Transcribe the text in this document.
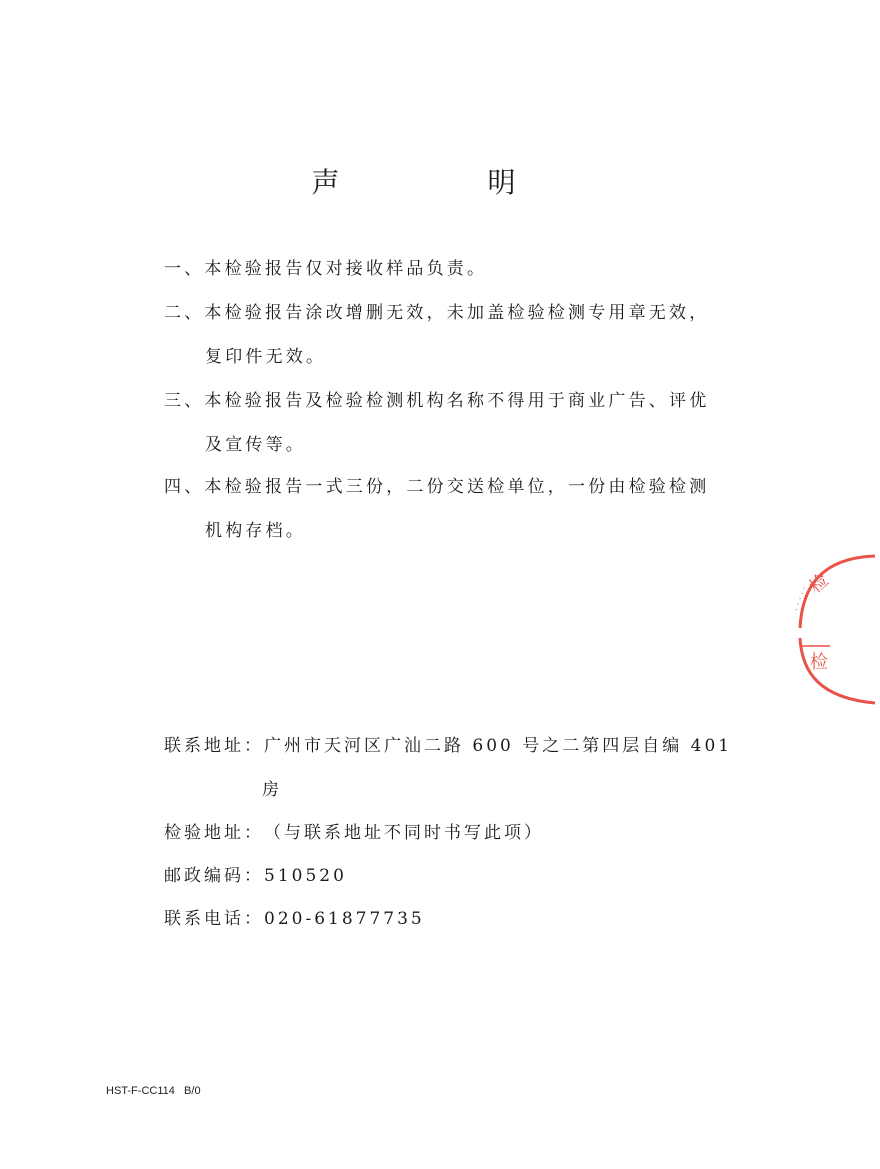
声　明
一、本检验报告仅对接收样品负责。
二、本检验报告涂改增删无效，未加盖检验检测专用章无效，
复印件无效。
三、本检验报告及检验检测机构名称不得用于商业广告、评优
及宣传等。
四、本检验报告一式三份，二份交送检单位，一份由检验检测
机构存档。
联系地址：广州市天河区广汕二路 600 号之二第四层自编 401
房
检验地址：（与联系地址不同时书写此项）
邮政编码：510520
联系电话：020-61877735
HST-F-CC114 B/0
检
检
· · · · ·
